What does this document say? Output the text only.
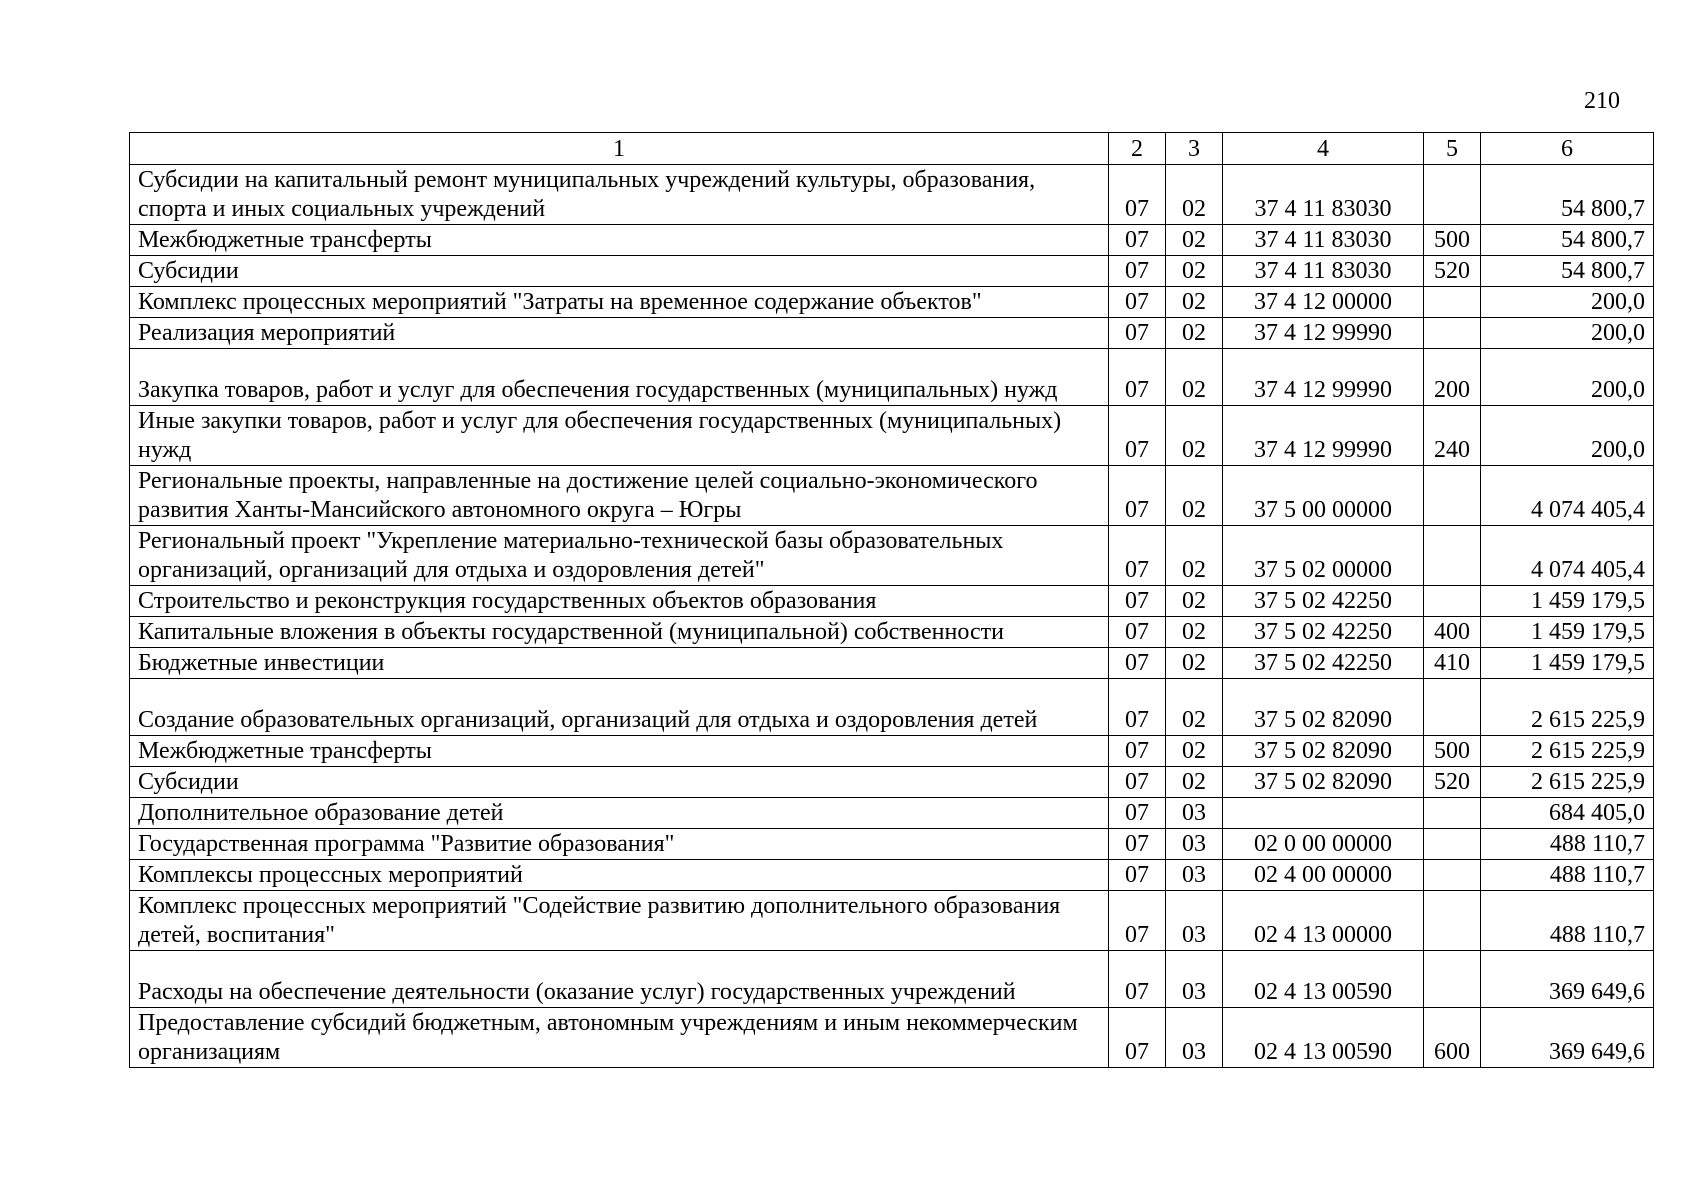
210
1	2	3	4	5	6
Субсидии на капитальный ремонт муниципальных учреждений культуры, образования, спорта и иных социальных учреждений	07	02	37 4 11 83030		54 800,7
Межбюджетные трансферты	07	02	37 4 11 83030	500	54 800,7
Субсидии	07	02	37 4 11 83030	520	54 800,7
Комплекс процессных мероприятий "Затраты на временное содержание объектов"	07	02	37 4 12 00000		200,0
Реализация мероприятий	07	02	37 4 12 99990		200,0
Закупка товаров, работ и услуг для обеспечения государственных (муниципальных) нужд	07	02	37 4 12 99990	200	200,0
Иные закупки товаров, работ и услуг для обеспечения государственных (муниципальных) нужд	07	02	37 4 12 99990	240	200,0
Региональные проекты, направленные на достижение целей социально-экономического развития Ханты-Мансийского автономного округа – Югры	07	02	37 5 00 00000		4 074 405,4
Региональный проект "Укрепление материально-технической базы образовательных организаций, организаций для отдыха и оздоровления детей"	07	02	37 5 02 00000		4 074 405,4
Строительство и реконструкция государственных объектов образования	07	02	37 5 02 42250		1 459 179,5
Капитальные вложения в объекты государственной (муниципальной) собственности	07	02	37 5 02 42250	400	1 459 179,5
Бюджетные инвестиции	07	02	37 5 02 42250	410	1 459 179,5
Создание образовательных организаций, организаций для отдыха и оздоровления детей	07	02	37 5 02 82090		2 615 225,9
Межбюджетные трансферты	07	02	37 5 02 82090	500	2 615 225,9
Субсидии	07	02	37 5 02 82090	520	2 615 225,9
Дополнительное образование детей	07	03			684 405,0
Государственная программа "Развитие образования"	07	03	02 0 00 00000		488 110,7
Комплексы процессных мероприятий	07	03	02 4 00 00000		488 110,7
Комплекс процессных мероприятий "Содействие развитию дополнительного образования детей, воспитания"	07	03	02 4 13 00000		488 110,7
Расходы на обеспечение деятельности (оказание услуг) государственных учреждений	07	03	02 4 13 00590		369 649,6
Предоставление субсидий бюджетным, автономным учреждениям и иным некоммерческим организациям	07	03	02 4 13 00590	600	369 649,6
